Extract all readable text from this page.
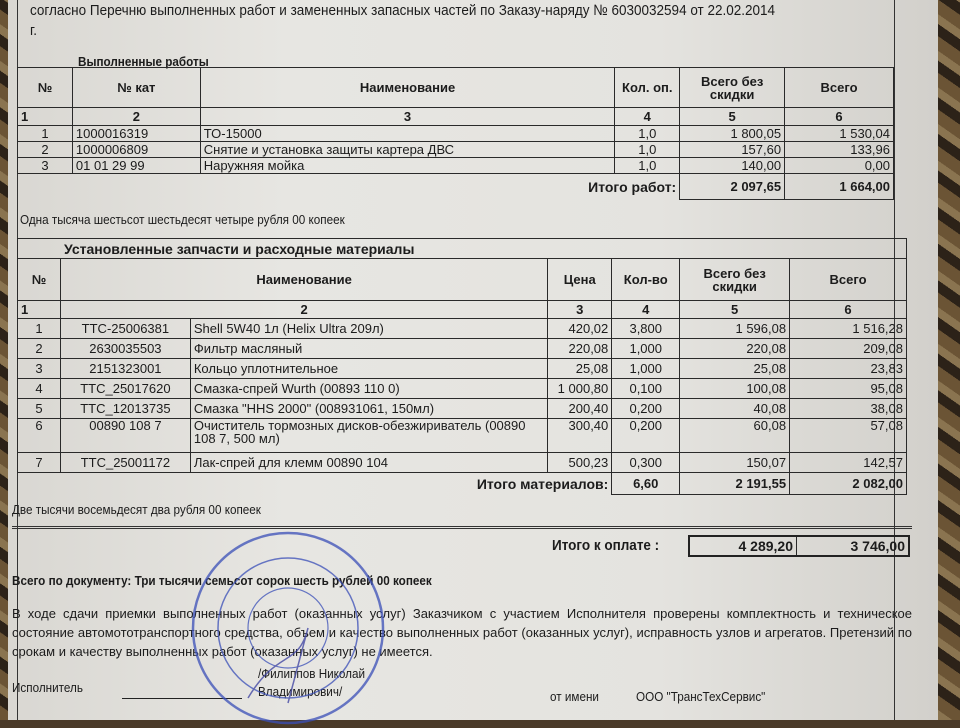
согласно Перечню выполненных работ и замененных запасных частей по Заказу-наряду № 6030032594 от 22.02.2014
г.
Выполненные работы
№	№ кат	Наименование	Кол. оп.	Всего без скидки	Всего
1	2	3	4	5	6
1	1000016319	ТО-15000	1,0	1 800,05	1 530,04
2	1000006809	Снятие и установка защиты картера ДВС	1,0	157,60	133,96
3	01 01 29 99	Наружняя мойка	1,0	140,00	0,00
Итого работ:				2 097,65	1 664,00
Одна тысяча шестьсот шестьдесят четыре рубля 00 копеек
Установленные запчасти и расходные материалы						
№	Наименование		Цена	Кол-во	Всего без скидки	Всего
1	2		3	4	5	6
1	TTC-25006381	Shell 5W40 1л (Helix Ultra 209л)	420,02	3,800	1 596,08	1 516,28
2	2630035503	Фильтр масляный	220,08	1,000	220,08	209,08
3	2151323001	Кольцо уплотнительное	25,08	1,000	25,08	23,83
4	TTC_25017620	Смазка-спрей Wurth (00893 110 0)	1 000,80	0,100	100,08	95,08
5	TTC_12013735	Смазка "HHS 2000" (008931061, 150мл)	200,40	0,200	40,08	38,08
6	00890 108 7	Очиститель тормозных дисков-обезжириватель (00890 108 7, 500 мл)	300,40	0,200	60,08	57,08
7	TTC_25001172	Лак-спрей для клемм 00890 104	500,23	0,300	150,07	142,57
Итого материалов:				6,60	2 191,55	2 082,00
Две тысячи восемьдесят два рубля 00 копеек
Итого к оплате :	4 289,20	3 746,00
Всего по документу: Три тысячи семьсот сорок шесть рублей 00 копеек
В ходе сдачи приемки выполненных работ (оказанных услуг) Заказчиком с участием Исполнителя проверены комплектность и техническое состояние автомототранспортного средства, объем и качество выполненных работ (оказанных услуг), исправность узлов и агрегатов. Претензий по срокам и качеству выполненных работ (оказанных услуг) не имеется.
Исполнитель
/Филиппов Николай
Владимирович/	от имени	ООО "ТрансТехСервис"
